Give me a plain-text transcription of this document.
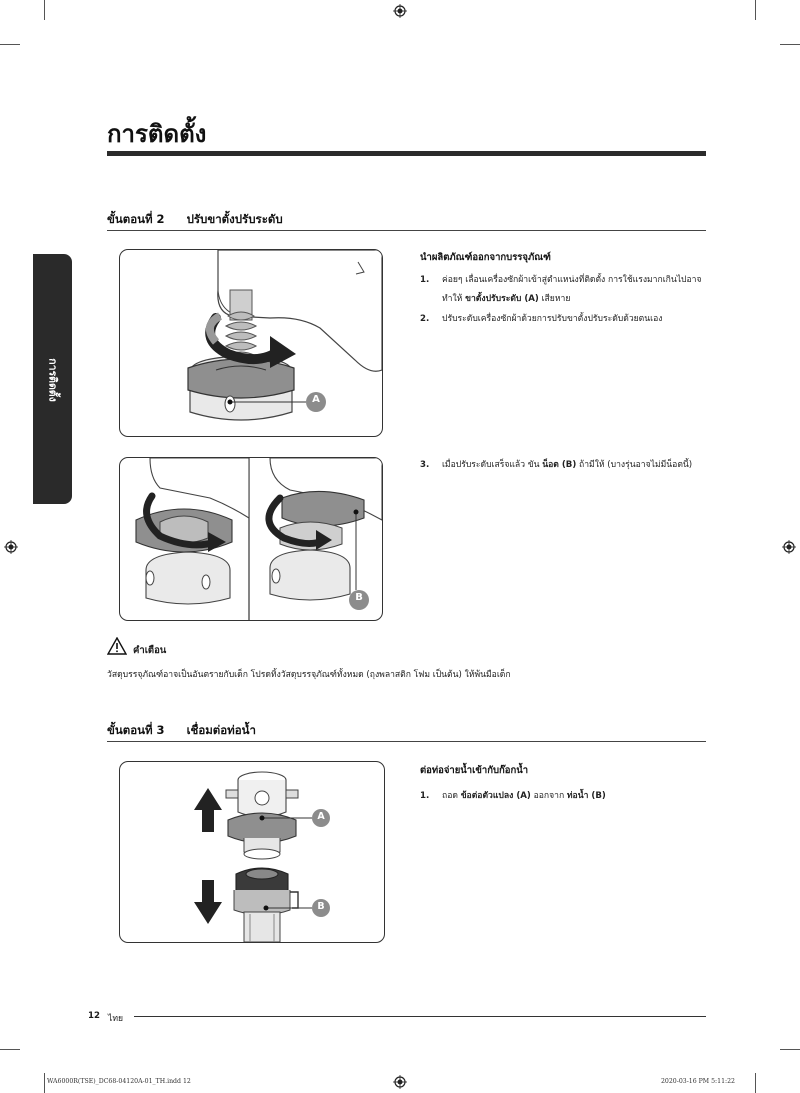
การติดตั้ง
การติดตั้ง
ขั้นตอนที่ 2 ปรับขาตั้งปรับระดับ
A
นำผลิตภัณฑ์ออกจากบรรจุภัณฑ์
1. ค่อยๆ เลื่อนเครื่องซักผ้าเข้าสู่ตำแหน่งที่ติดตั้ง การใช้แรงมากเกินไปอาจ
ทำให้ ขาตั้งปรับระดับ (A) เสียหาย
2. ปรับระดับเครื่องซักผ้าด้วยการปรับขาตั้งปรับระดับด้วยตนเอง
B
3. เมื่อปรับระดับเสร็จแล้ว ขัน น็อต (B) ถ้ามีให้ (บางรุ่นอาจไม่มีน็อตนี้)
คำเตือน
วัสดุบรรจุภัณฑ์อาจเป็นอันตรายกับเด็ก โปรดทิ้งวัสดุบรรจุภัณฑ์ทั้งหมด (ถุงพลาสติก โฟม เป็นต้น) ให้พ้นมือเด็ก
ขั้นตอนที่ 3 เชื่อมต่อท่อน้ำ
A
B
ต่อท่อจ่ายน้ำเข้ากับก๊อกน้ำ
1. ถอด ข้อต่อตัวแปลง (A) ออกจาก ท่อน้ำ (B)
12 ไทย
WA6000R(TSE)_DC68-04120A-01_TH.indd 12	2020-03-16 PM 5:11:22
